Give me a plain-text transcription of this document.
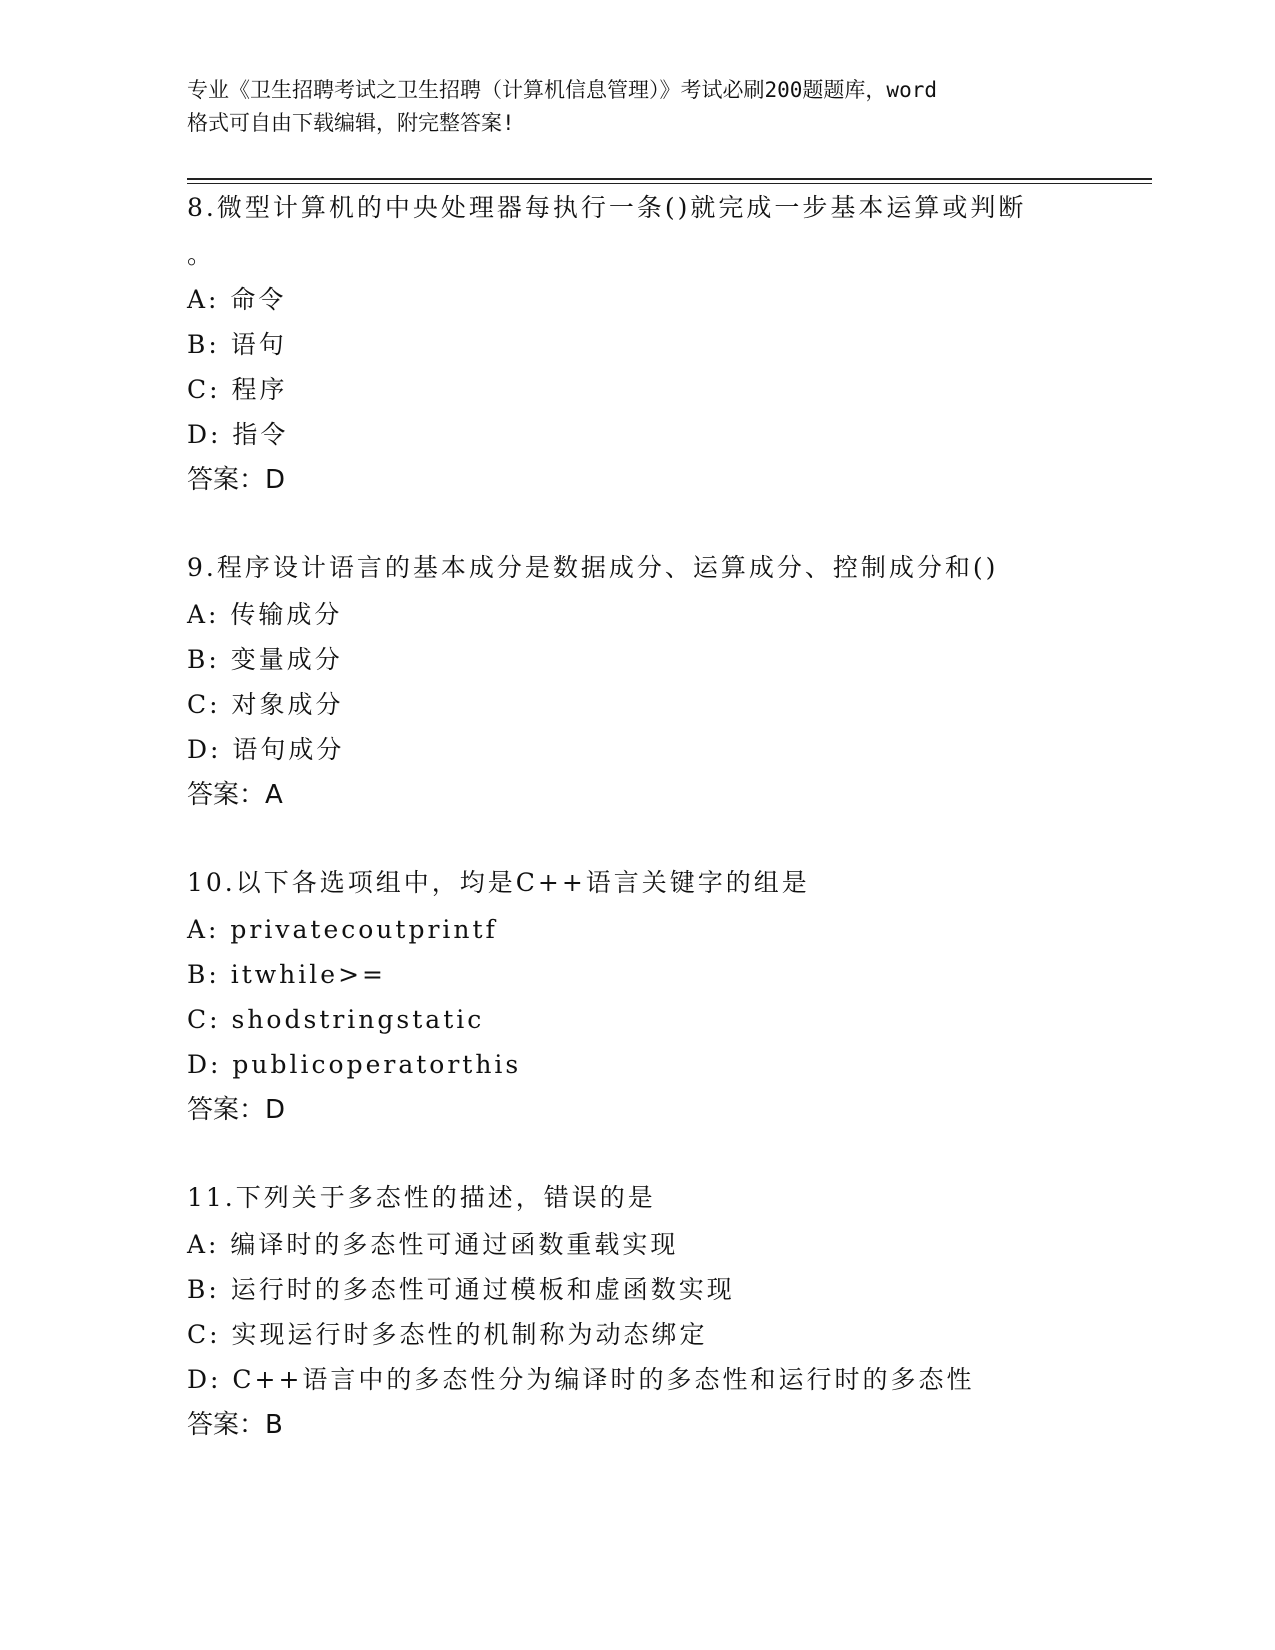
专业《卫生招聘考试之卫生招聘（计算机信息管理）》考试必刷200题题库，word
格式可自由下载编辑，附完整答案!
8.微型计算机的中央处理器每执行一条()就完成一步基本运算或判断
。
A: 命令
B: 语句
C: 程序
D: 指令
答案：D
9.程序设计语言的基本成分是数据成分、运算成分、控制成分和()
A: 传输成分
B: 变量成分
C: 对象成分
D: 语句成分
答案：A
10.以下各选项组中，均是C++语言关键字的组是
A: privatecoutprintf
B: itwhile>=
C: shodstringstatic
D: publicoperatorthis
答案：D
11.下列关于多态性的描述，错误的是
A: 编译时的多态性可通过函数重载实现
B: 运行时的多态性可通过模板和虚函数实现
C: 实现运行时多态性的机制称为动态绑定
D: C++语言中的多态性分为编译时的多态性和运行时的多态性
答案：B
